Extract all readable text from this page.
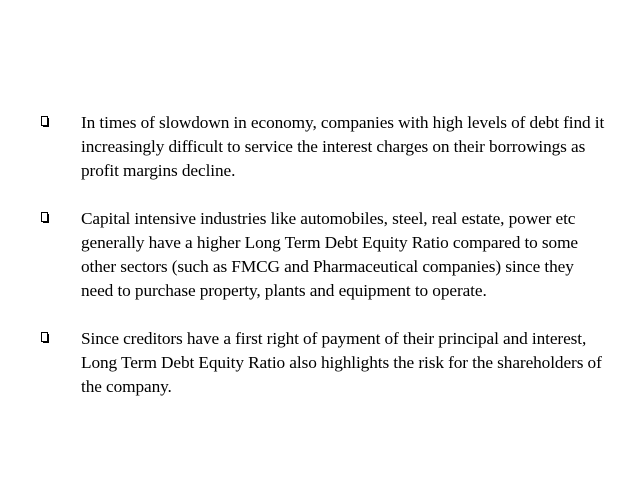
In times of slowdown in economy, companies with high levels of debt find it increasingly difficult to service the interest charges on their borrowings as profit margins decline.
Capital intensive industries like automobiles, steel, real estate, power etc generally have a higher Long Term Debt Equity Ratio compared to some other sectors (such as FMCG and Pharmaceutical companies) since they need to purchase property, plants and equipment to operate.
Since creditors have a first right of payment of their principal and interest, Long Term Debt Equity Ratio also highlights the risk for the shareholders of the company.
